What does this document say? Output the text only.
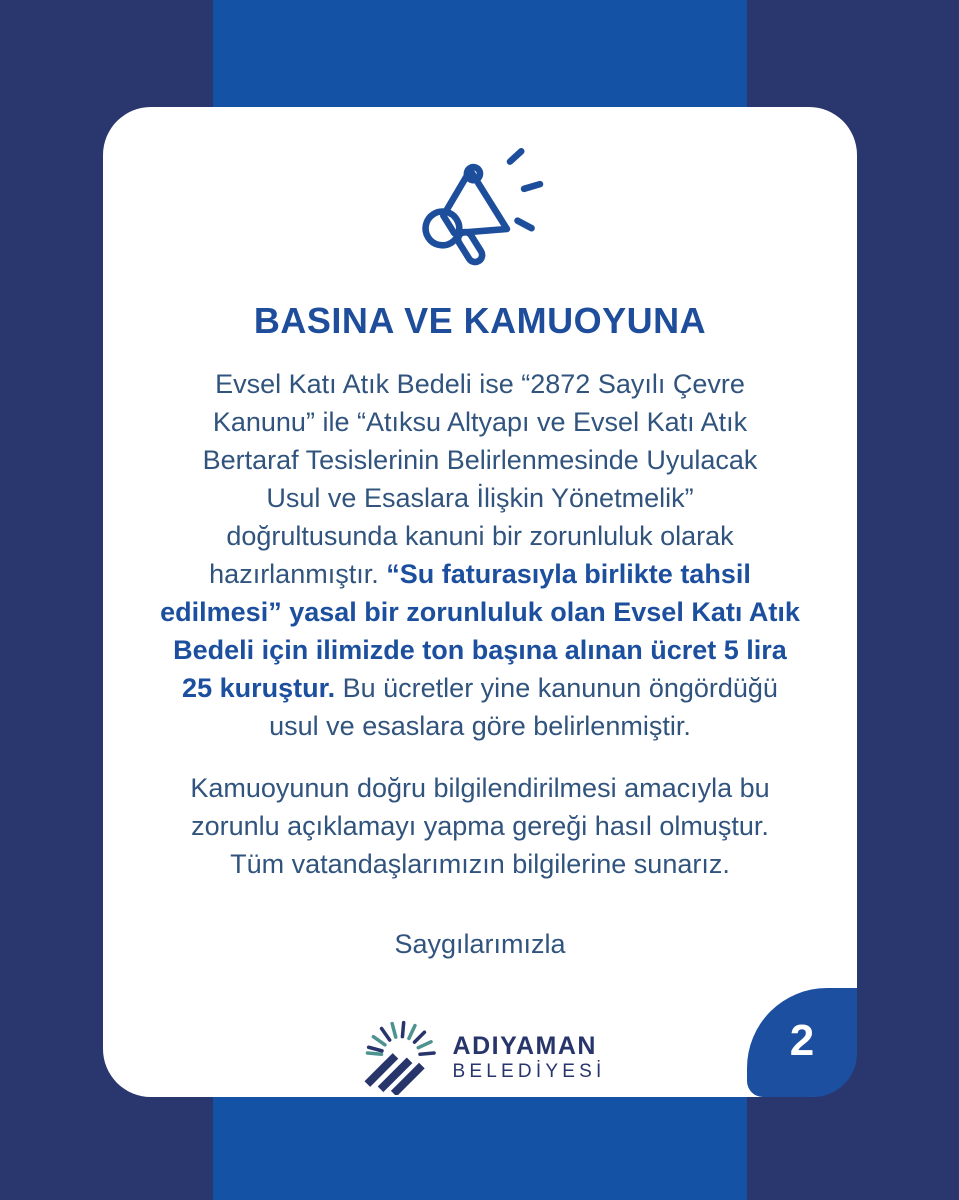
BASINA VE KAMUOYUNA
Evsel Katı Atık Bedeli ise “2872 Sayılı Çevre
Kanunu” ile “Atıksu Altyapı ve Evsel Katı Atık
Bertaraf Tesislerinin Belirlenmesinde Uyulacak
Usul ve Esaslara İlişkin Yönetmelik”
doğrultusunda kanuni bir zorunluluk olarak
hazırlanmıştır. “Su faturasıyla birlikte tahsil
edilmesi” yasal bir zorunluluk olan Evsel Katı Atık
Bedeli için ilimizde ton başına alınan ücret 5 lira
25 kuruştur. Bu ücretler yine kanunun öngördüğü
usul ve esaslara göre belirlenmiştir.
Kamuoyunun doğru bilgilendirilmesi amacıyla bu
zorunlu açıklamayı yapma gereği hasıl olmuştur.
Tüm vatandaşlarımızın bilgilerine sunarız.
Saygılarımızla
ADIYAMAN
BELEDİYESİ
2
